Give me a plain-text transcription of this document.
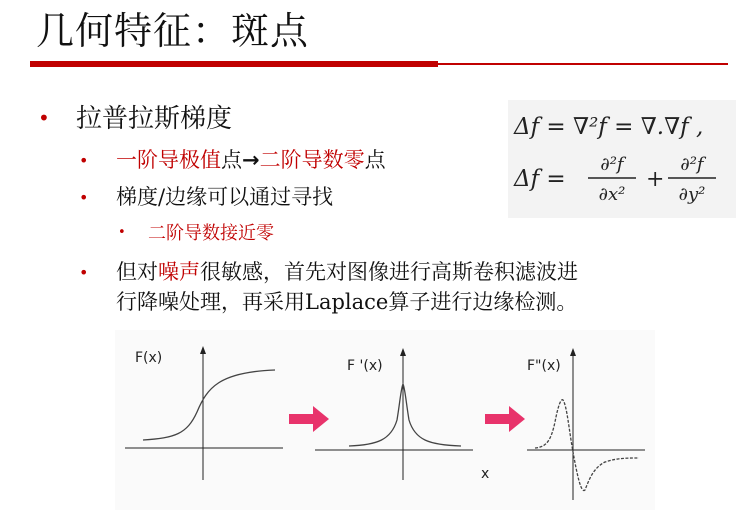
几何特征：斑点
• 拉普拉斯梯度
• 一阶导极值点→二阶导数零点
• 梯度/边缘可以通过寻找
• 二阶导数接近零
• 但对噪声很敏感，首先对图像进行高斯卷积滤波进
行降噪处理，再采用Laplace算子进行边缘检测。
Δf = ∇²f = ∇.∇f ,
Δf =
∂²f
∂x²
+
∂²f
∂y²
F(x)	F '(x)
x
F"(x)
